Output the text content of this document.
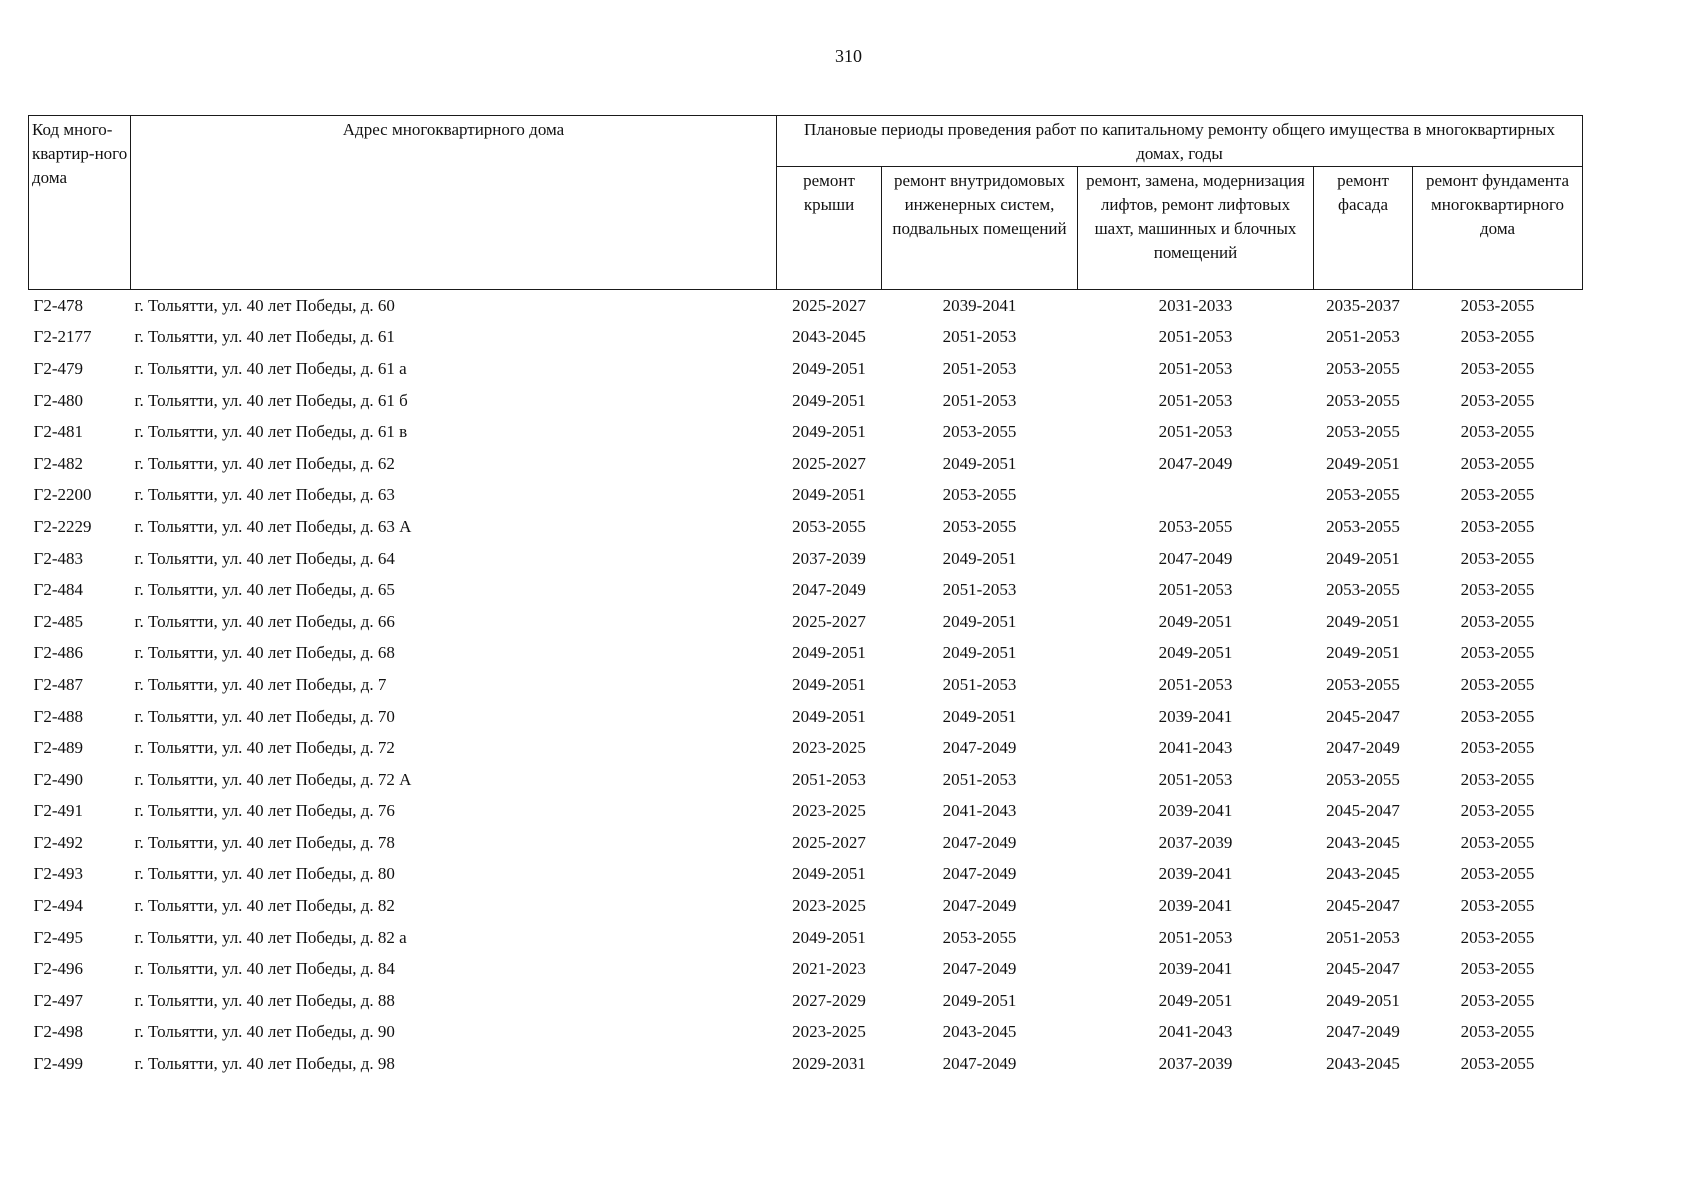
310
Код много-квартир-ного дома	Адрес многоквартирного дома	Плановые периоды проведения работ по капитальному ремонту общего имущества в многоквартирных домах, годы				
		ремонт крыши	ремонт внутридомовых инженерных систем, подвальных помещений	ремонт, замена, модернизация лифтов, ремонт лифтовых шахт, машинных и блочных помещений	ремонт фасада	ремонт фундамента многоквартирного дома
Г2-478	г. Тольятти, ул. 40 лет Победы, д. 60	2025-2027	2039-2041	2031-2033	2035-2037	2053-2055
Г2-2177	г. Тольятти, ул. 40 лет Победы, д. 61	2043-2045	2051-2053	2051-2053	2051-2053	2053-2055
Г2-479	г. Тольятти, ул. 40 лет Победы, д. 61 а	2049-2051	2051-2053	2051-2053	2053-2055	2053-2055
Г2-480	г. Тольятти, ул. 40 лет Победы, д. 61 б	2049-2051	2051-2053	2051-2053	2053-2055	2053-2055
Г2-481	г. Тольятти, ул. 40 лет Победы, д. 61 в	2049-2051	2053-2055	2051-2053	2053-2055	2053-2055
Г2-482	г. Тольятти, ул. 40 лет Победы, д. 62	2025-2027	2049-2051	2047-2049	2049-2051	2053-2055
Г2-2200	г. Тольятти, ул. 40 лет Победы, д. 63	2049-2051	2053-2055		2053-2055	2053-2055
Г2-2229	г. Тольятти, ул. 40 лет Победы, д. 63 А	2053-2055	2053-2055	2053-2055	2053-2055	2053-2055
Г2-483	г. Тольятти, ул. 40 лет Победы, д. 64	2037-2039	2049-2051	2047-2049	2049-2051	2053-2055
Г2-484	г. Тольятти, ул. 40 лет Победы, д. 65	2047-2049	2051-2053	2051-2053	2053-2055	2053-2055
Г2-485	г. Тольятти, ул. 40 лет Победы, д. 66	2025-2027	2049-2051	2049-2051	2049-2051	2053-2055
Г2-486	г. Тольятти, ул. 40 лет Победы, д. 68	2049-2051	2049-2051	2049-2051	2049-2051	2053-2055
Г2-487	г. Тольятти, ул. 40 лет Победы, д. 7	2049-2051	2051-2053	2051-2053	2053-2055	2053-2055
Г2-488	г. Тольятти, ул. 40 лет Победы, д. 70	2049-2051	2049-2051	2039-2041	2045-2047	2053-2055
Г2-489	г. Тольятти, ул. 40 лет Победы, д. 72	2023-2025	2047-2049	2041-2043	2047-2049	2053-2055
Г2-490	г. Тольятти, ул. 40 лет Победы, д. 72 А	2051-2053	2051-2053	2051-2053	2053-2055	2053-2055
Г2-491	г. Тольятти, ул. 40 лет Победы, д. 76	2023-2025	2041-2043	2039-2041	2045-2047	2053-2055
Г2-492	г. Тольятти, ул. 40 лет Победы, д. 78	2025-2027	2047-2049	2037-2039	2043-2045	2053-2055
Г2-493	г. Тольятти, ул. 40 лет Победы, д. 80	2049-2051	2047-2049	2039-2041	2043-2045	2053-2055
Г2-494	г. Тольятти, ул. 40 лет Победы, д. 82	2023-2025	2047-2049	2039-2041	2045-2047	2053-2055
Г2-495	г. Тольятти, ул. 40 лет Победы, д. 82 а	2049-2051	2053-2055	2051-2053	2051-2053	2053-2055
Г2-496	г. Тольятти, ул. 40 лет Победы, д. 84	2021-2023	2047-2049	2039-2041	2045-2047	2053-2055
Г2-497	г. Тольятти, ул. 40 лет Победы, д. 88	2027-2029	2049-2051	2049-2051	2049-2051	2053-2055
Г2-498	г. Тольятти, ул. 40 лет Победы, д. 90	2023-2025	2043-2045	2041-2043	2047-2049	2053-2055
Г2-499	г. Тольятти, ул. 40 лет Победы, д. 98	2029-2031	2047-2049	2037-2039	2043-2045	2053-2055
